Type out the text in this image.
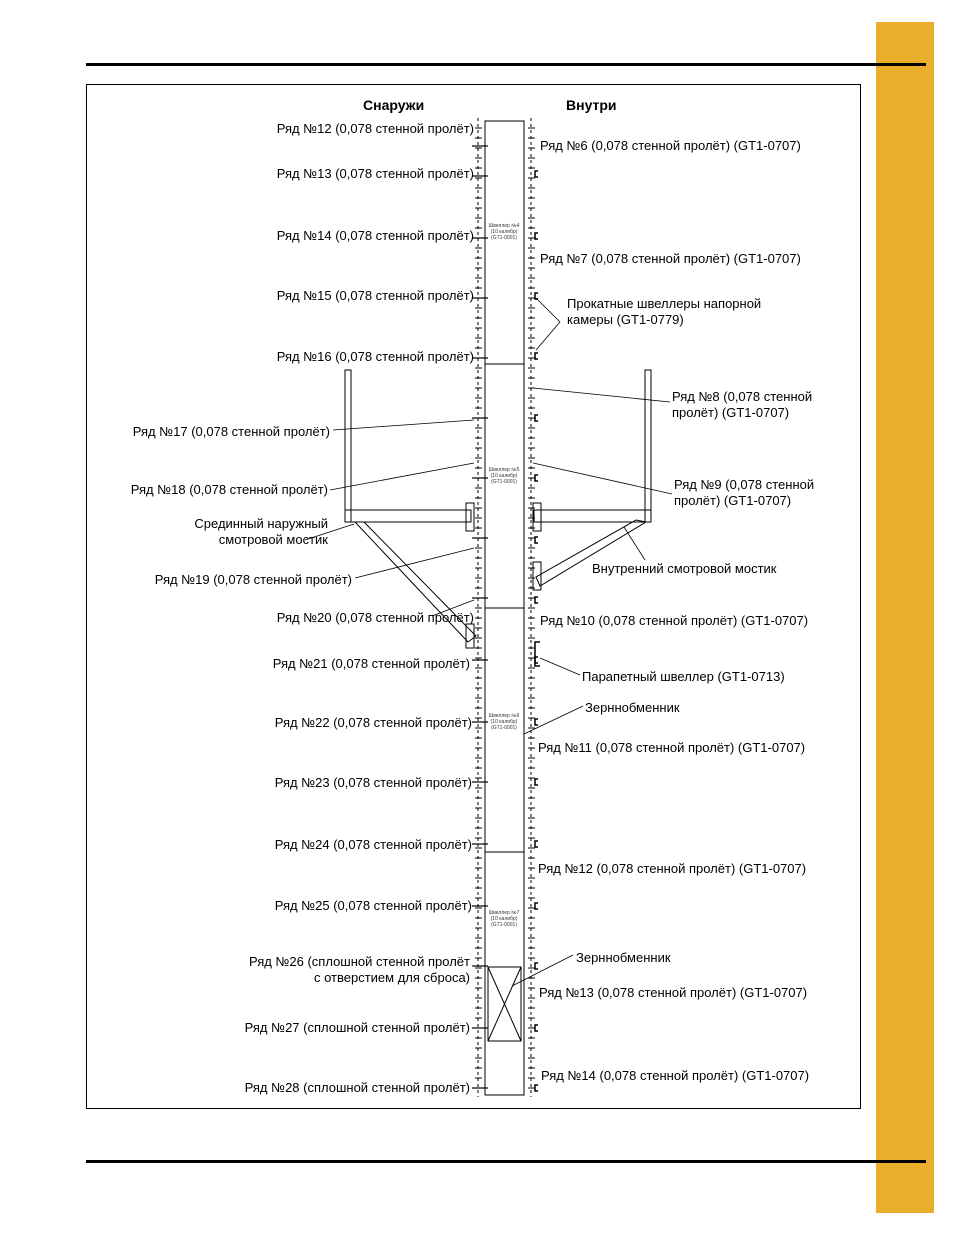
Снаружи	Внутри
Ряд №12 (0,078 стенной пролёт)
Ряд №13 (0,078 стенной пролёт)
Ряд №14 (0,078 стенной пролёт)
Ряд №15 (0,078 стенной пролёт)
Ряд №16 (0,078 стенной пролёт)
Ряд №17 (0,078 стенной пролёт)
Ряд №18 (0,078 стенной пролёт)
Срединный наружный
смотровой мостик
Ряд №19 (0,078 стенной пролёт)
Ряд №20 (0,078 стенной пролёт)
Ряд №21 (0,078 стенной пролёт)
Ряд №22 (0,078 стенной пролёт)
Ряд №23 (0,078 стенной пролёт)
Ряд №24 (0,078 стенной пролёт)
Ряд №25 (0,078 стенной пролёт)
Ряд №26 (сплошной стенной пролёт
с отверстием для сброса)
Ряд №27 (сплошной стенной пролёт)
Ряд №28 (сплошной стенной пролёт)
Ряд №6 (0,078 стенной пролёт) (GT1-0707)
Ряд №7 (0,078 стенной пролёт) (GT1-0707)
Прокатные швеллеры напорной
камеры (GT1-0779)
Ряд №8 (0,078 стенной
пролёт) (GT1-0707)
Ряд №9 (0,078 стенной
пролёт) (GT1-0707)
Внутренний смотровой мостик
Ряд №10 (0,078 стенной пролёт) (GT1-0707)
Парапетный швеллер (GT1-0713)
Зерннобменник
Ряд №11 (0,078 стенной пролёт) (GT1-0707)
Ряд №12 (0,078 стенной пролёт) (GT1-0707)
Зерннобменник
Ряд №13 (0,078 стенной пролёт) (GT1-0707)
Ряд №14 (0,078 стенной пролёт) (GT1-0707)
Швеллер №4
(10 калибр)
(GT1-0001)
Швеллер №5
(10 калибр)
(GT1-0001)
Швеллер №6
(10 калибр)
(GT1-0001)
Швеллер №7
(10 калибр)
(GT1-0001)
